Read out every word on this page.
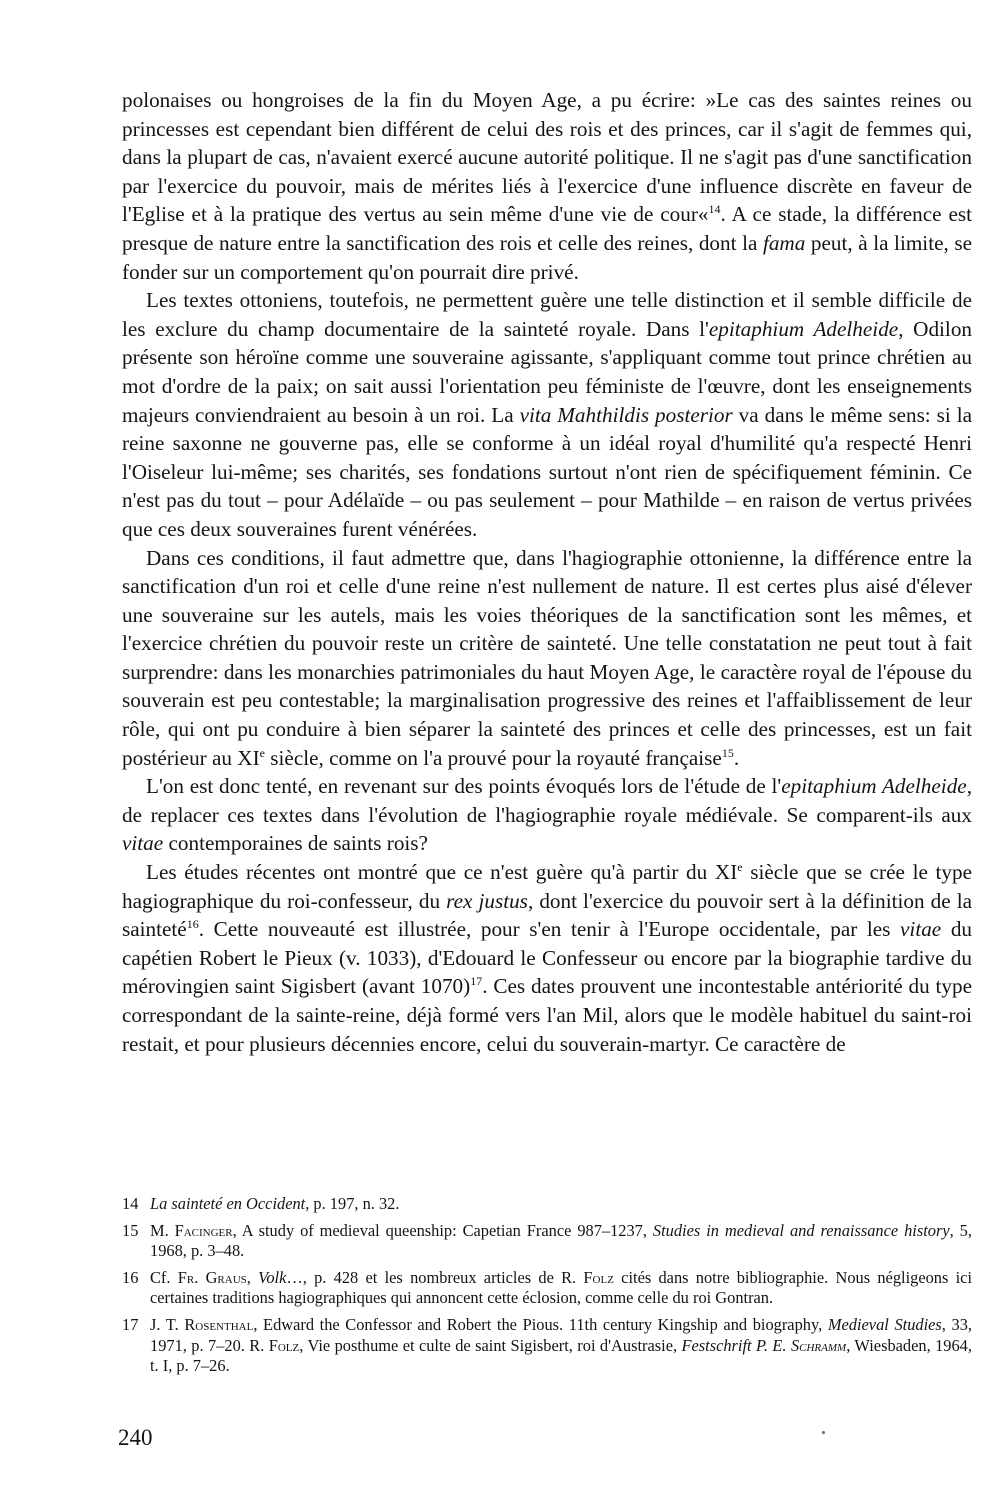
polonaises ou hongroises de la fin du Moyen Age, a pu écrire: »Le cas des saintes reines ou princesses est cependant bien différent de celui des rois et des princes, car il s'agit de femmes qui, dans la plupart de cas, n'avaient exercé aucune autorité politique. Il ne s'agit pas d'une sanctification par l'exercice du pouvoir, mais de mérites liés à l'exercice d'une influence discrète en faveur de l'Eglise et à la pratique des vertus au sein même d'une vie de cour«$^{14}$. A ce stade, la différence est presque de nature entre la sanctification des rois et celle des reines, dont la fama peut, à la limite, se fonder sur un comportement qu'on pourrait dire privé.

Les textes ottoniens, toutefois, ne permettent guère une telle distinction et il semble difficile de les exclure du champ documentaire de la sainteté royale. Dans l'epitaphium Adelheide, Odilon présente son héroïne comme une souveraine agissante, s'appliquant comme tout prince chrétien au mot d'ordre de la paix; on sait aussi l'orientation peu féministe de l'œuvre, dont les enseignements majeurs conviendraient au besoin à un roi. La vita Mahthildis posterior va dans le même sens: si la reine saxonne ne gouverne pas, elle se conforme à un idéal royal d'humilité qu'a respecté Henri l'Oiseleur lui-même; ses charités, ses fondations surtout n'ont rien de spécifiquement féminin. Ce n'est pas du tout – pour Adélaïde – ou pas seulement – pour Mathilde – en raison de vertus privées que ces deux souveraines furent vénérées.

Dans ces conditions, il faut admettre que, dans l'hagiographie ottonienne, la différence entre la sanctification d'un roi et celle d'une reine n'est nullement de nature. Il est certes plus aisé d'élever une souveraine sur les autels, mais les voies théoriques de la sanctification sont les mêmes, et l'exercice chrétien du pouvoir reste un critère de sainteté. Une telle constatation ne peut tout à fait surprendre: dans les monarchies patrimoniales du haut Moyen Age, le caractère royal de l'épouse du souverain est peu contestable; la marginalisation progressive des reines et l'affaiblissement de leur rôle, qui ont pu conduire à bien séparer la sainteté des princes et celle des princesses, est un fait postérieur au XIe siècle, comme on l'a prouvé pour la royauté française$^{15}$.

L'on est donc tenté, en revenant sur des points évoqués lors de l'étude de l'epitaphium Adelheide, de replacer ces textes dans l'évolution de l'hagiographie royale médiévale. Se comparent-ils aux vitae contemporaines de saints rois?

Les études récentes ont montré que ce n'est guère qu'à partir du XIe siècle que se crée le type hagiographique du roi-confesseur, du rex justus, dont l'exercice du pouvoir sert à la définition de la sainteté$^{16}$. Cette nouveauté est illustrée, pour s'en tenir à l'Europe occidentale, par les vitae du capétien Robert le Pieux (v. 1033), d'Edouard le Confesseur ou encore par la biographie tardive du mérovingien saint Sigisbert (avant 1070)$^{17}$. Ces dates prouvent une incontestable antériorité du type correspondant de la sainte-reine, déjà formé vers l'an Mil, alors que le modèle habituel du saint-roi restait, et pour plusieurs décennies encore, celui du souverain-martyr. Ce caractère de

14 La sainteté en Occident, p. 197, n. 32.
15 M. Facinger, A study of medieval queenship: Capetian France 987–1237, Studies in medieval and renaissance history, 5, 1968, p. 3–48.
16 Cf. Fr. Graus, Volk…, p. 428 et les nombreux articles de R. Folz cités dans notre bibliographie. Nous négligeons ici certaines traditions hagiographiques qui annoncent cette éclosion, comme celle du roi Gontran.
17 J. T. Rosenthal, Edward the Confessor and Robert the Pious. 11th century Kingship and biography, Medieval Studies, 33, 1971, p. 7–20. R. Folz, Vie posthume et culte de saint Sigisbert, roi d'Austrasie, Festschrift P. E. Schramm, Wiesbaden, 1964, t. I, p. 7–26.
240
